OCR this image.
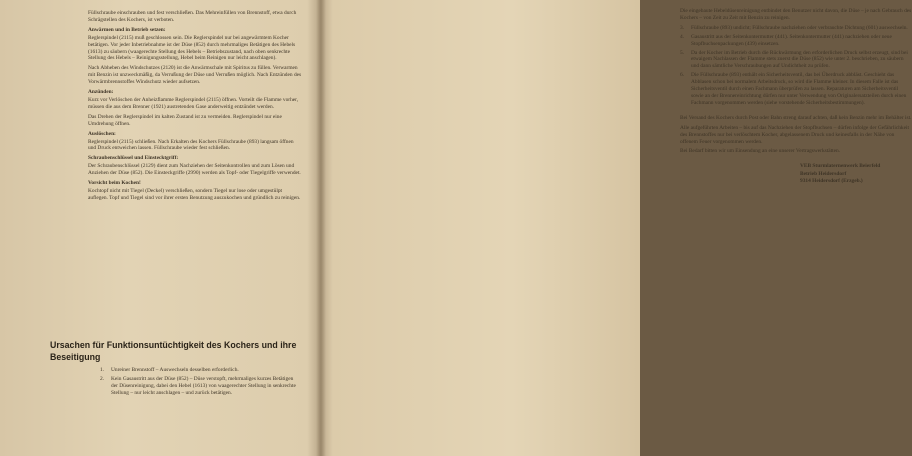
Füllschraube einschrauben und fest verschließen. Das Mehreinfüllen von Brennstoff, etwa durch Schrägstellen des Kochers, ist verboten.

Anwärmen und in Betrieb setzen:

Reglerspindel (2115) muß geschlossen sein. Die Reglerspindel nur bei angewärmtem Kocher betätigen. Vor jeder Inbetriebnahme ist der Düse (852) durch mehrmaliges Betätigen des Hebels (1613) zu säubern (waagerechte Stellung des Hebels – Betriebszustand, nach oben senkrechte Stellung des Hebels – Reinigungsstellung, Hebel beim Reinigen nur leicht anschlagen).

Nach Abheben des Windschutzes (2120) ist die Anwärmschale mit Spiritus zu füllen. Verwarmen mit Benzin ist unzweckmäßig, da Verrußung der Düse und Verrußen möglich. Nach Entzünden des Vorwärmbrennstoffes Windschutz wieder aufsetzen.

Anzünden:

Kurz vor Verlöschen der Anheizflamme Reglerspindel (2115) öffnen. Vorteilt die Flamme vorher, müssen die aus dem Brenner (1921) austretenden Gase anderweitig entzündet werden.

Das Drehen der Reglerspindel im kalten Zustand ist zu vermeiden. Reglerspindel nur eine Umdrehung öffnen.

Auslöschen:

Reglerspindel (2115) schließen. Nach Erkalten des Kochers Füllschraube (893) langsam öffnen und Druck entweichen lassen. Füllschraube wieder fest schließen.

Schraubenschlüssel und Einstecktgriff:

Der Schraubenschlüssel (2129) dient zum Nachziehen der Seitenkontrollen und zum Lösen und Anziehen der Düse (852). Die Einsteckgriffe (2990) werden als Topf- oder Tiegelgriffe verwendet.

Vorsicht beim Kochen!

Kochtopf nicht mit Tiegel (Deckel) verschließen, sondern Tiegel nur lose oder umgestülpt auflegen. Topf und Tiegel sind vor ihrer ersten Benutzung auszukochen und gründlich zu reinigen.

Ursachen für Funktionsuntüchtigkeit des Kochers und ihre Beseitigung
1.	Unreiner Brennstoff – Auswechseln desselben erforderlich.
2.	Kein Gasaustritt aus der Düse (852) – Düse verstopft, mehrmaliges kurzes Betätigen der Düsenreinigung, dabei den Hebel (1613) von waagerechter Stellung in senkrechte Stellung – nur leicht anschlagen – und zurück betätigen.

Die eingebaute Hebeldüsenreinigung entbindet den Benutzer nicht davon, die Düse – je nach Gebrauch des Kochers – von Zeit zu Zeit mit Benzin zu reinigen.

3.	Füllschraube (893) undicht; Füllschraube nachziehen oder verbrauchte Dichtung (601) auswechseln.
4.	Gasaustritt aus der Seitenkontermutter (441). Seitenkontermutter (441) nachziehen oder neue Stopfbuchsenpackungen (439) einsetzen.
5.	Da der Kocher im Betrieb durch die Rückwärmung den erforderlichen Druck selbst erzeugt, sind bei etwaigem Nachlassen der Flamme stets zuerst die Düse (852) wie unter 2. beschrieben, zu säubern und dann sämtliche Verschraubungen auf Undichtheit zu prüfen.
6.	Die Füllschraube (893) enthält ein Sicherheitsventil, das bei Überdruck abbläst. Geschieht das Abblasen schon bei normalem Arbeitsdruck, so wird die Flamme kleiner. In diesem Falle ist das Sicherheitsventil durch einen Fachmann überprüfen zu lassen. Reparaturen am Sicherheitsventil sowie an der Brennereinrichtung dürfen nur unter Verwendung von Originalersatzteilen durch einen Fachmann vorgenommen werden (siehe vorstehende Sicherheitsbestimmungen).

Bei Versand des Kochers durch Post oder Bahn streng darauf achten, daß kein Benzin mehr im Behälter ist.

Alle aufgeführten Arbeiten – bis auf das Nachziehen der Stopfbuchsen – dürfen infolge der Gefährlichkeit des Brennstoffes nur bei verlöschtem Kocher, abgelassenem Druck und keinesfalls in der Nähe von offenem Feuer vorgenommen werden.

Bei Bedarf bitten wir um Einsendung an eine unserer Vertragswerkstätten.

VEB Sturmlaternenwerk Beierfeld
Betrieb Heidersdorf
9314 Heidersdorf (Erzgeb.)
